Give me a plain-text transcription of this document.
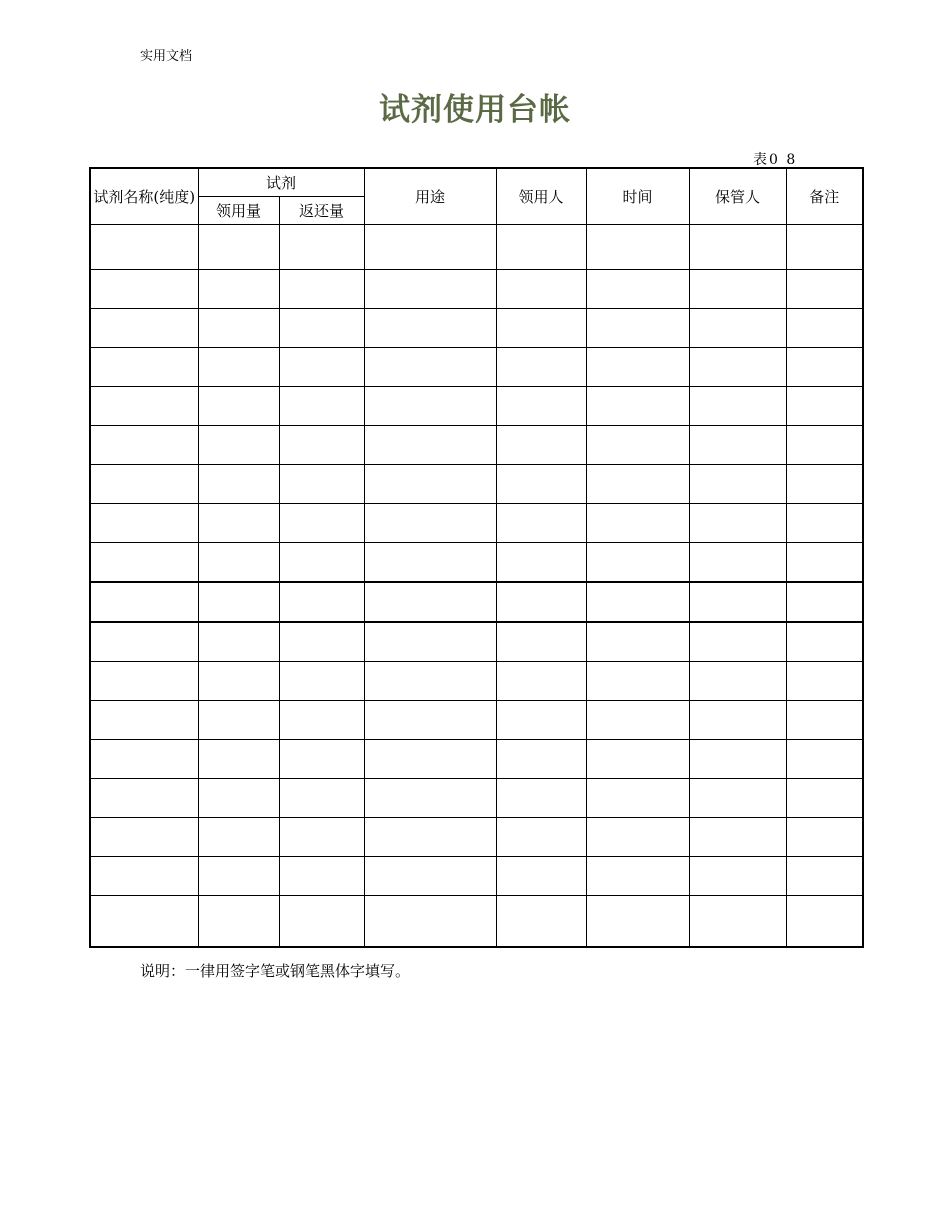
实用文档
试剂使用台帐
表0 8
试剂名称(纯度)	试剂		用途	领用人	时间	保管人	备注
	领用量	返还量					

说明：一律用签字笔或钢笔黑体字填写。
